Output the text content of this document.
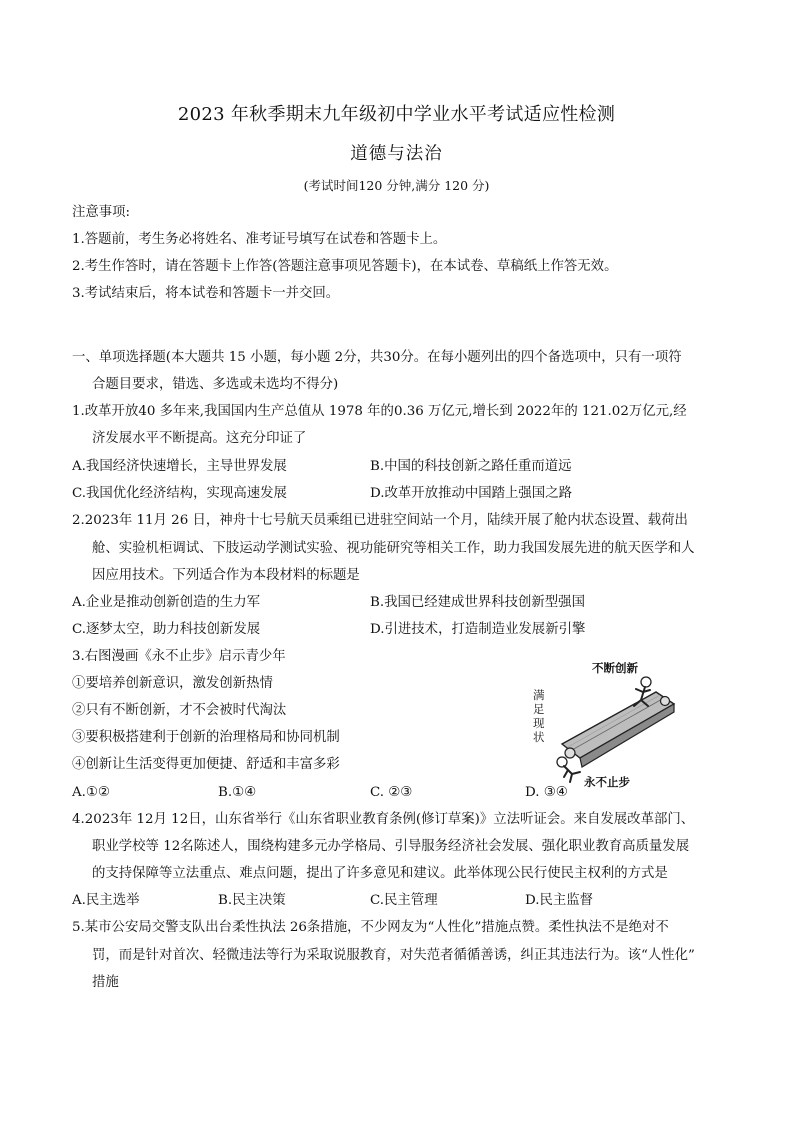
2023 年秋季期末九年级初中学业水平考试适应性检测
道德与法治
(考试时间120 分钟,满分 120 分)
注意事项:
1.答题前，考生务必将姓名、准考证号填写在试卷和答题卡上。
2.考生作答时，请在答题卡上作答(答题注意事项见答题卡)，在本试卷、草稿纸上作答无效。
3.考试结束后，将本试卷和答题卡一并交回。
一、单项选择题(本大题共 15 小题，每小题 2分，共30分。在每小题列出的四个备选项中，只有一项符
合题目要求，错选、多选或未选均不得分)
1.改革开放40 多年来,我国国内生产总值从 1978 年的0.36 万亿元,增长到 2022年的 121.02万亿元,经
济发展水平不断提高。这充分印证了
A.我国经济快速增长，主导世界发展	B.中国的科技创新之路任重而道远
C.我国优化经济结构，实现高速发展	D.改革开放推动中国踏上强国之路
2.2023年 11月 26 日，神舟十七号航天员乘组已进驻空间站一个月，陆续开展了舱内状态设置、载荷出
舱、实验机柜调试、下肢运动学测试实验、视功能研究等相关工作，助力我国发展先进的航天医学和人
因应用技术。下列适合作为本段材料的标题是
A.企业是推动创新创造的生力军	B.我国已经建成世界科技创新型强国
C.逐梦太空，助力科技创新发展	D.引进技术，打造制造业发展新引擎
3.右图漫画《永不止步》启示青少年
①要培养创新意识，激发创新热情
②只有不断创新，才不会被时代淘汰
③要积极搭建利于创新的治理格局和协同机制
④创新让生活变得更加便捷、舒适和丰富多彩
A.①②	B.①④	C. ②③	D. ③④
不断创新
满
足
现
状
永不止步
4.2023年 12月 12日，山东省举行《山东省职业教育条例(修订草案)》立法听证会。来自发展改革部门、
职业学校等 12名陈述人，围绕构建多元办学格局、引导服务经济社会发展、强化职业教育高质量发展
的支持保障等立法重点、难点问题，提出了许多意见和建议。此举体现公民行使民主权利的方式是
A.民主选举	B.民主决策	C.民主管理	D.民主监督
5.某市公安局交警支队出台柔性执法 26条措施，不少网友为“人性化”措施点赞。柔性执法不是绝对不
罚，而是针对首次、轻微违法等行为采取说服教育，对失范者循循善诱，纠正其违法行为。该“人性化”
措施
